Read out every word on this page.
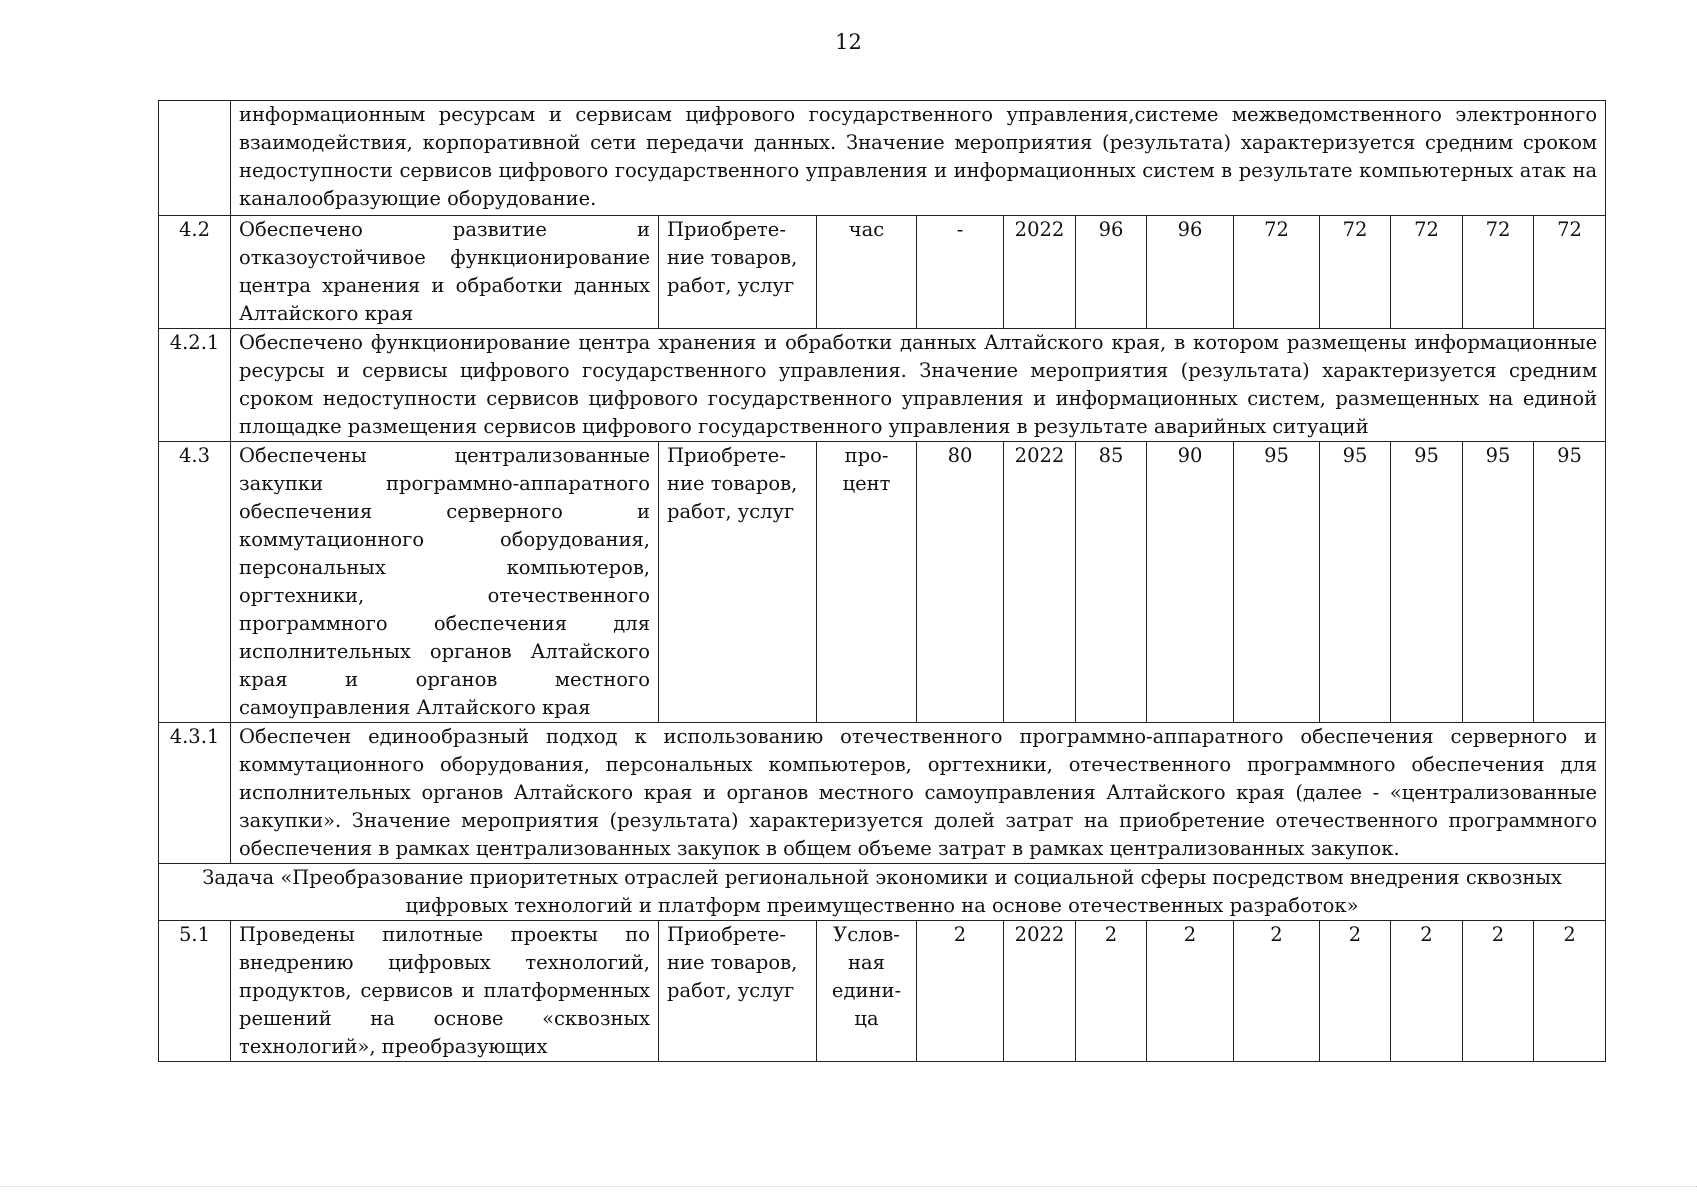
12
	информационным ресурсам и сервисам цифрового государственного управления,системе межведомственного электронного взаимодействия, корпоративной сети передачи данных. Значение мероприятия (результата) характеризуется средним сроком недоступности сервисов цифрового государственного управления и информационных систем в результате компьютерных атак на каналообразующие оборудование.											
4.2	Обеспечено развитие и отказоустойчивое функционирование центра хранения и обработки данных Алтайского края	Приобрете-ние товаров, работ, услуг	час	-	2022	96	96	72	72	72	72	72
4.2.1	Обеспечено функционирование центра хранения и обработки данных Алтайского края, в котором размещены информационные ресурсы и сервисы цифрового государственного управления. Значение мероприятия (результата) характеризуется средним сроком недоступности сервисов цифрового государственного управления и информационных систем, размещенных на единой площадке размещения сервисов цифрового государственного управления в результате аварийных ситуаций											
4.3	Обеспечены централизованные закупки программно-аппаратного обеспечения серверного и коммутационного оборудования, персональных компьютеров, оргтехники, отечественного программного обеспечения для исполнительных органов Алтайского края и органов местного самоуправления Алтайского края	Приобрете-ние товаров, работ, услуг	про-цент	80	2022	85	90	95	95	95	95	95
4.3.1	Обеспечен единообразный подход к использованию отечественного программно-аппаратного обеспечения серверного и коммутационного оборудования, персональных компьютеров, оргтехники, отечественного программного обеспечения для исполнительных органов Алтайского края и органов местного самоуправления Алтайского края (далее - «централизованные закупки». Значение мероприятия (результата) характеризуется долей затрат на приобретение отечественного программного обеспечения в рамках централизованных закупок в общем объеме затрат в рамках централизованных закупок.											
Задача «Преобразование приоритетных отраслей региональной экономики и социальной сферы посредством внедрения сквозных цифровых технологий и платформ преимущественно на основе отечественных разработок»												
5.1	Проведены пилотные проекты по внедрению цифровых технологий, продуктов, сервисов и платформенных решений на основе «сквозных технологий», преобразующих	Приобрете-ние товаров, работ, услуг	Услов-ная едини-ца	2	2022	2	2	2	2	2	2	2
